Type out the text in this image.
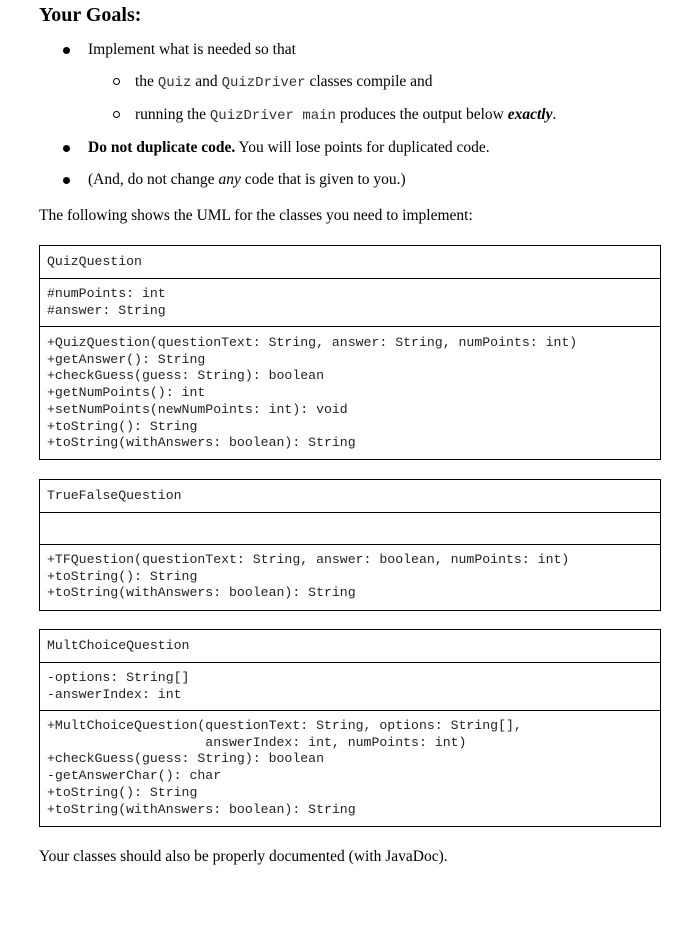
Your Goals:
Implement what is needed so that
the Quiz and QuizDriver classes compile and
running the QuizDriver main produces the output below exactly.
Do not duplicate code. You will lose points for duplicated code.
(And, do not change any code that is given to you.)
The following shows the UML for the classes you need to implement:
QuizQuestion
#numPoints: int
#answer: String
+QuizQuestion(questionText: String, answer: String, numPoints: int)
+getAnswer(): String
+checkGuess(guess: String): boolean
+getNumPoints(): int
+setNumPoints(newNumPoints: int): void
+toString(): String
+toString(withAnswers: boolean): String
TrueFalseQuestion
+TFQuestion(questionText: String, answer: boolean, numPoints: int)
+toString(): String
+toString(withAnswers: boolean): String
MultChoiceQuestion
-options: String[]
-answerIndex: int
+MultChoiceQuestion(questionText: String, options: String[],
answerIndex: int, numPoints: int)
+checkGuess(guess: String): boolean
-getAnswerChar(): char
+toString(): String
+toString(withAnswers: boolean): String
Your classes should also be properly documented (with JavaDoc).
